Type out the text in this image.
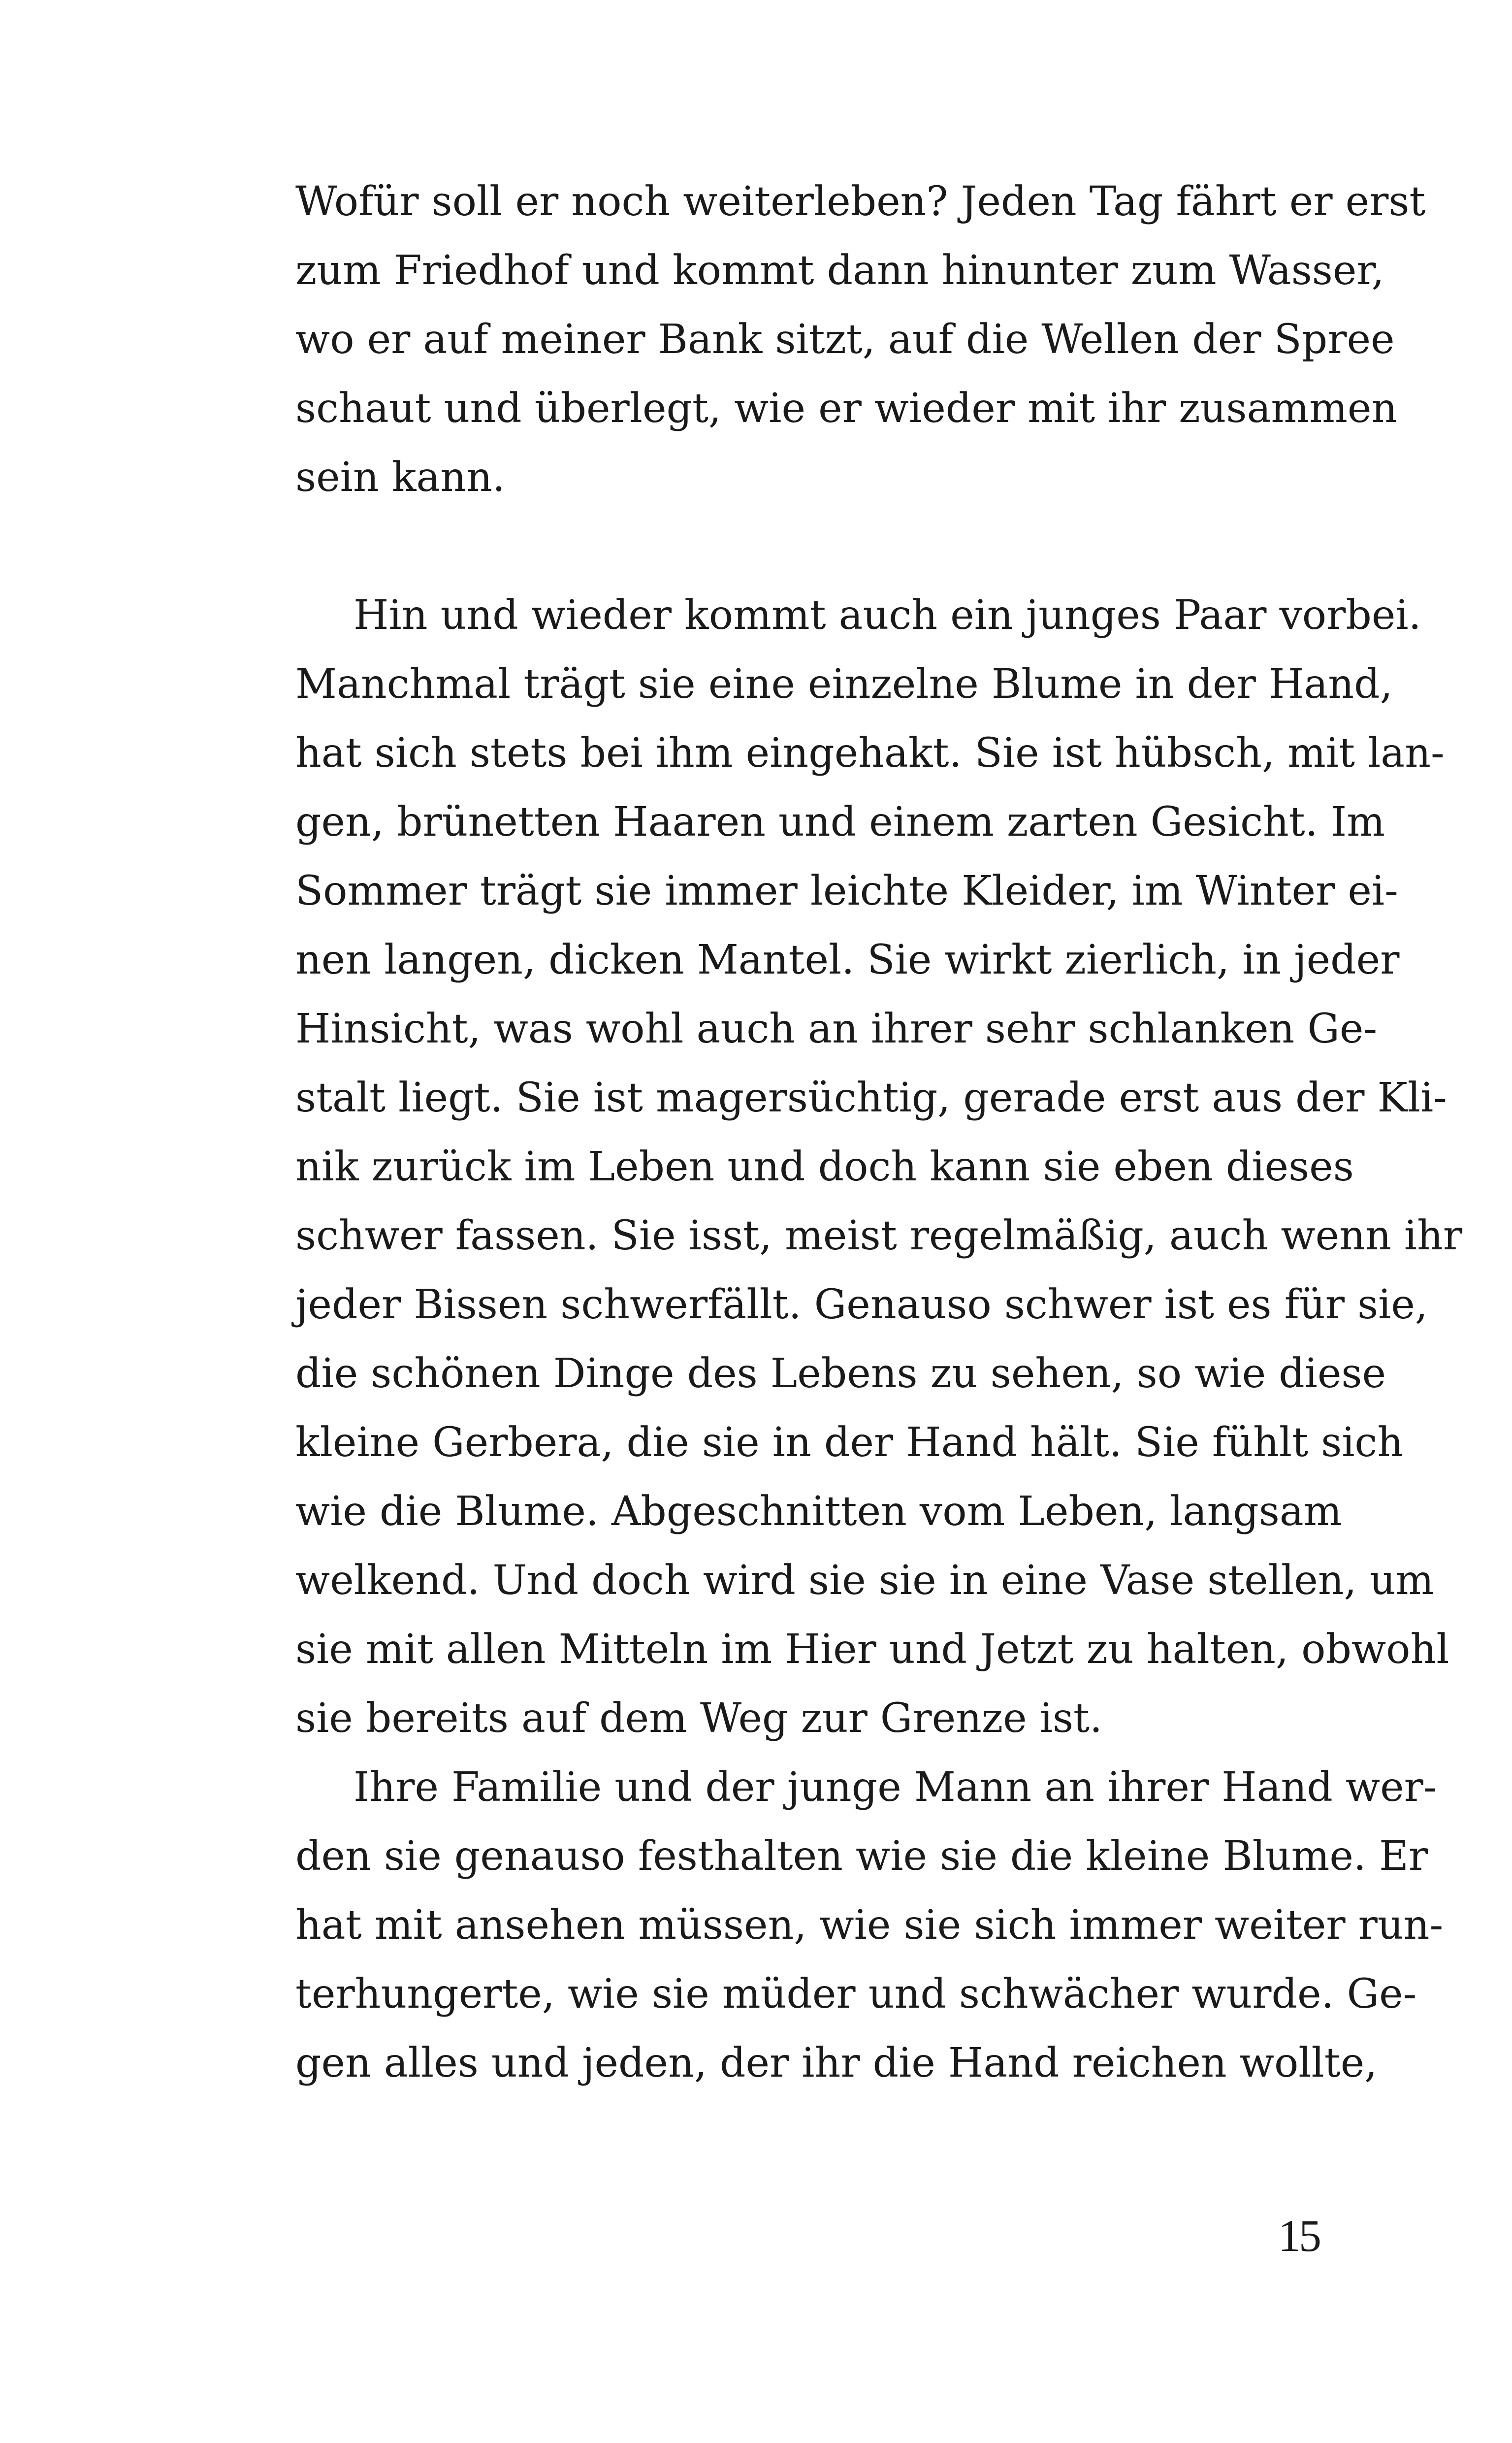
Wofür soll er noch weiterleben? Jeden Tag fährt er erst
zum Friedhof und kommt dann hinunter zum Wasser,
wo er auf meiner Bank sitzt, auf die Wellen der Spree
schaut und überlegt, wie er wieder mit ihr zusammen
sein kann.
Hin und wieder kommt auch ein junges Paar vorbei.
Manchmal trägt sie eine einzelne Blume in der Hand,
hat sich stets bei ihm eingehakt. Sie ist hübsch, mit lan-
gen, brünetten Haaren und einem zarten Gesicht. Im
Sommer trägt sie immer leichte Kleider, im Winter ei-
nen langen, dicken Mantel. Sie wirkt zierlich, in jeder
Hinsicht, was wohl auch an ihrer sehr schlanken Ge-
stalt liegt. Sie ist magersüchtig, gerade erst aus der Kli-
nik zurück im Leben und doch kann sie eben dieses
schwer fassen. Sie isst, meist regelmäßig, auch wenn ihr
jeder Bissen schwerfällt. Genauso schwer ist es für sie,
die schönen Dinge des Lebens zu sehen, so wie diese
kleine Gerbera, die sie in der Hand hält. Sie fühlt sich
wie die Blume. Abgeschnitten vom Leben, langsam
welkend. Und doch wird sie sie in eine Vase stellen, um
sie mit allen Mitteln im Hier und Jetzt zu halten, obwohl
sie bereits auf dem Weg zur Grenze ist.
Ihre Familie und der junge Mann an ihrer Hand wer-
den sie genauso festhalten wie sie die kleine Blume. Er
hat mit ansehen müssen, wie sie sich immer weiter run-
terhungerte, wie sie müder und schwächer wurde. Ge-
gen alles und jeden, der ihr die Hand reichen wollte,
15
